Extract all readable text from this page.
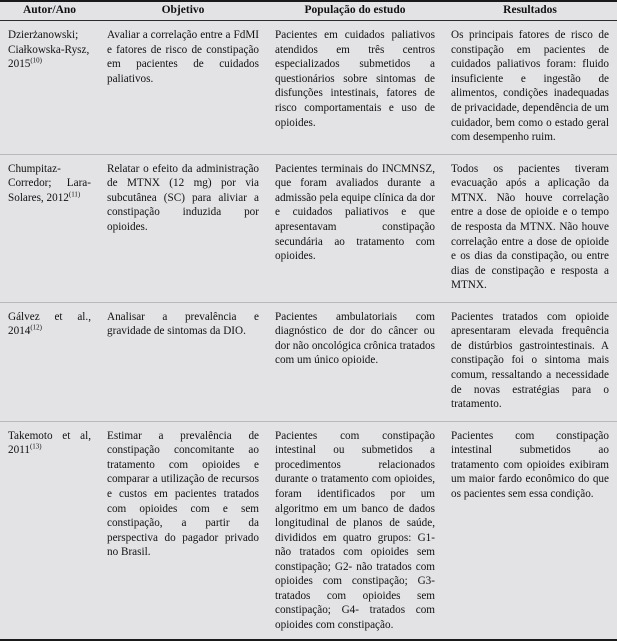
Autor/Ano	Objetivo	População do estudo	Resultados
Dzierżanowski; Ciałkowska-Rysz, 2015$^{(10)}$	Avaliar a correlação entre a FdMI e fatores de risco de constipação em pacientes de cuidados paliativos.	Pacientes em cuidados paliativos atendidos em três centros especializados submetidos a questionários sobre sintomas de disfunções intestinais, fatores de risco comportamentais e uso de opioides.	Os principais fatores de risco de constipação em pacientes de cuidados paliativos foram: fluido insuficiente e ingestão de alimentos, condições inadequadas de privacidade, dependência de um cuidador, bem como o estado geral com desempenho ruim.
Chumpitaz-Corredor; Lara-Solares, 2012$^{(11)}$	Relatar o efeito da administração de MTNX (12 mg) por via subcutânea (SC) para aliviar a constipação induzida por opioides.	Pacientes terminais do INCMNSZ, que foram avaliados durante a admissão pela equipe clínica da dor e cuidados paliativos e que apresentavam constipação secundária ao tratamento com opioides.	Todos os pacientes tiveram evacuação após a aplicação da MTNX. Não houve correlação entre a dose de opioide e o tempo de resposta da MTNX. Não houve correlação entre a dose de opioide e os dias da constipação, ou entre dias de constipação e resposta a MTNX.
Gálvez et al., 2014$^{(12)}$	Analisar a prevalência e gravidade de sintomas da DIO.	Pacientes ambulatoriais com diagnóstico de dor do câncer ou dor não oncológica crônica tratados com um único opioide.	Pacientes tratados com opioide apresentaram elevada frequência de distúrbios gastrointestinais. A constipação foi o sintoma mais comum, ressaltando a necessidade de novas estratégias para o tratamento.
Takemoto et al, 2011$^{(13)}$	Estimar a prevalência de constipação concomitante ao tratamento com opioides e comparar a utilização de recursos e custos em pacientes tratados com opioides com e sem constipação, a partir da perspectiva do pagador privado no Brasil.	Pacientes com constipação intestinal ou submetidos a procedimentos relacionados durante o tratamento com opioides, foram identificados por um algoritmo em um banco de dados longitudinal de planos de saúde, divididos em quatro grupos: G1- não tratados com opioides sem constipação; G2- não tratados com opioides com constipação; G3- tratados com opioides sem constipação; G4- tratados com opioides com constipação.	Pacientes com constipação intestinal submetidos ao tratamento com opioides exibiram um maior fardo econômico do que os pacientes sem essa condição.
